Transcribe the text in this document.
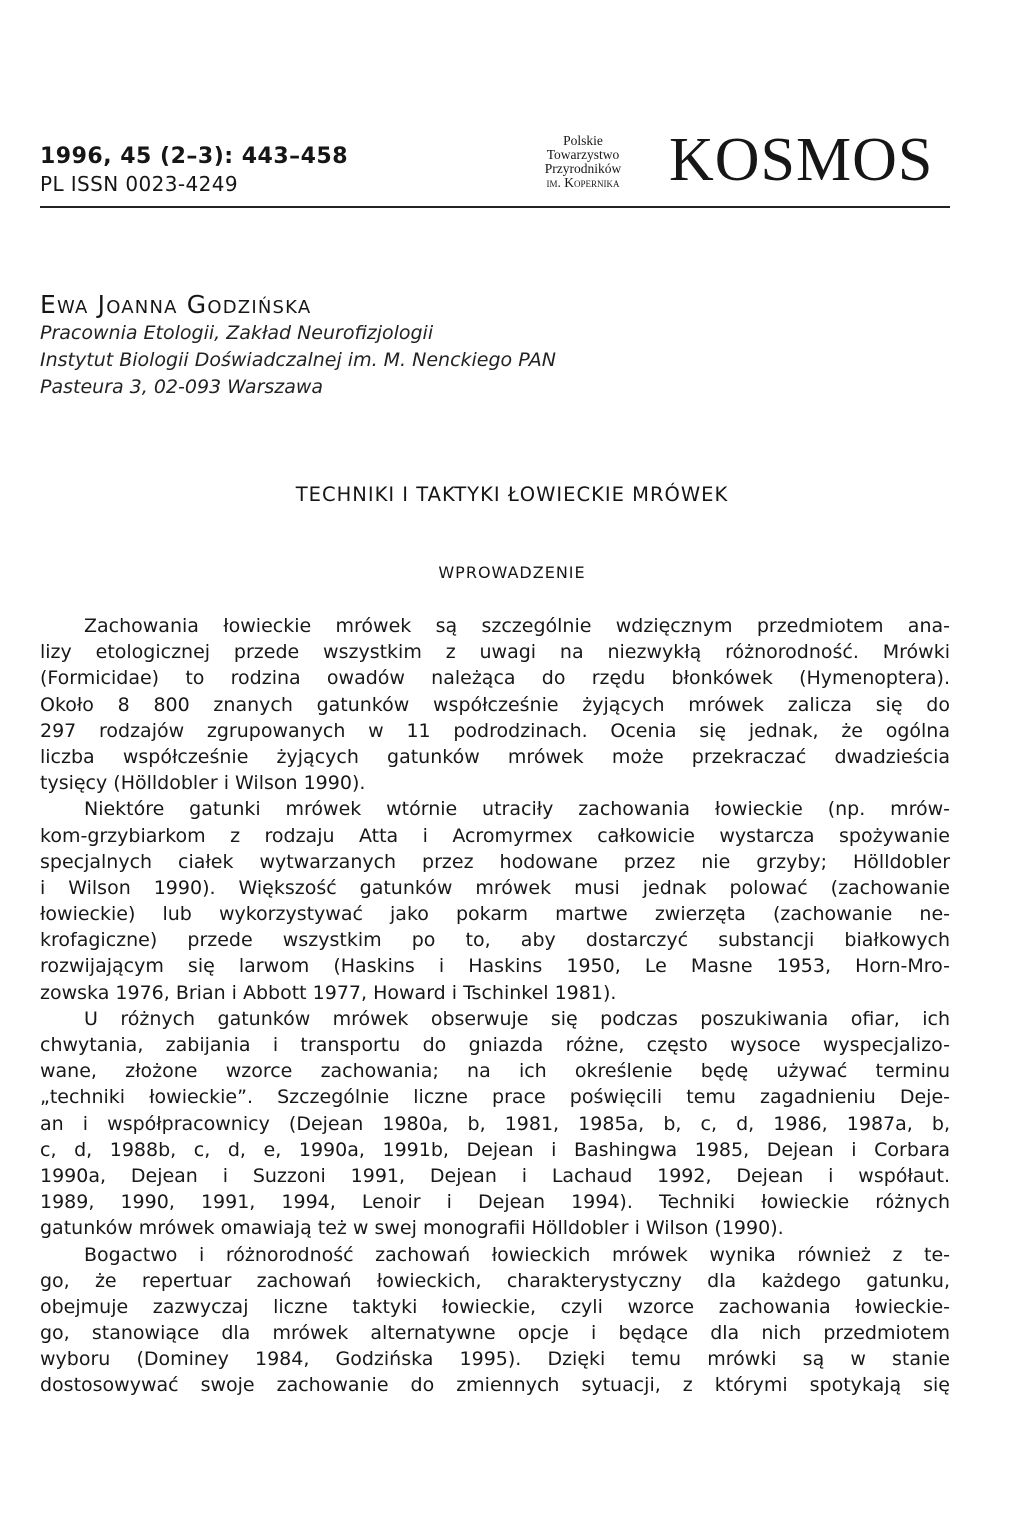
1996, 45 (2–3): 443–458
PL ISSN 0023-4249
Polskie
Towarzystwo
Przyrodników
im. Kopernika KOSMOS
Ewa Joanna Godzińska
Pracownia Etologii, Zakład Neurofizjologii
Instytut Biologii Doświadczalnej im. M. Nenckiego PAN
Pasteura 3, 02-093 Warszawa
TECHNIKI I TAKTYKI ŁOWIECKIE MRÓWEK
WPROWADZENIE
Zachowania łowieckie mrówek są szczególnie wdzięcznym przedmiotem ana-
lizy etologicznej przede wszystkim z uwagi na niezwykłą różnorodność. Mrówki
(Formicidae) to rodzina owadów należąca do rzędu błonkówek (Hymenoptera).
Około 8 800 znanych gatunków współcześnie żyjących mrówek zalicza się do
297 rodzajów zgrupowanych w 11 podrodzinach. Ocenia się jednak, że ogólna
liczba współcześnie żyjących gatunków mrówek może przekraczać dwadzieścia
tysięcy (Hölldobler i Wilson 1990).
Niektóre gatunki mrówek wtórnie utraciły zachowania łowieckie (np. mrów-
kom-grzybiarkom z rodzaju Atta i Acromyrmex całkowicie wystarcza spożywanie
specjalnych ciałek wytwarzanych przez hodowane przez nie grzyby; Hölldobler
i Wilson 1990). Większość gatunków mrówek musi jednak polować (zachowanie
łowieckie) lub wykorzystywać jako pokarm martwe zwierzęta (zachowanie ne-
krofagiczne) przede wszystkim po to, aby dostarczyć substancji białkowych
rozwijającym się larwom (Haskins i Haskins 1950, Le Masne 1953, Horn-Mro-
zowska 1976, Brian i Abbott 1977, Howard i Tschinkel 1981).
U różnych gatunków mrówek obserwuje się podczas poszukiwania ofiar, ich
chwytania, zabijania i transportu do gniazda różne, często wysoce wyspecjalizo-
wane, złożone wzorce zachowania; na ich określenie będę używać terminu
„techniki łowieckie”. Szczególnie liczne prace poświęcili temu zagadnieniu Deje-
an i współpracownicy (Dejean 1980a, b, 1981, 1985a, b, c, d, 1986, 1987a, b,
c, d, 1988b, c, d, e, 1990a, 1991b, Dejean i Bashingwa 1985, Dejean i Corbara
1990a, Dejean i Suzzoni 1991, Dejean i Lachaud 1992, Dejean i współaut.
1989, 1990, 1991, 1994, Lenoir i Dejean 1994). Techniki łowieckie różnych
gatunków mrówek omawiają też w swej monografii Hölldobler i Wilson (1990).
Bogactwo i różnorodność zachowań łowieckich mrówek wynika również z te-
go, że repertuar zachowań łowieckich, charakterystyczny dla każdego gatunku,
obejmuje zazwyczaj liczne taktyki łowieckie, czyli wzorce zachowania łowieckie-
go, stanowiące dla mrówek alternatywne opcje i będące dla nich przedmiotem
wyboru (Dominey 1984, Godzińska 1995). Dzięki temu mrówki są w stanie
dostosowywać swoje zachowanie do zmiennych sytuacji, z którymi spotykają się
